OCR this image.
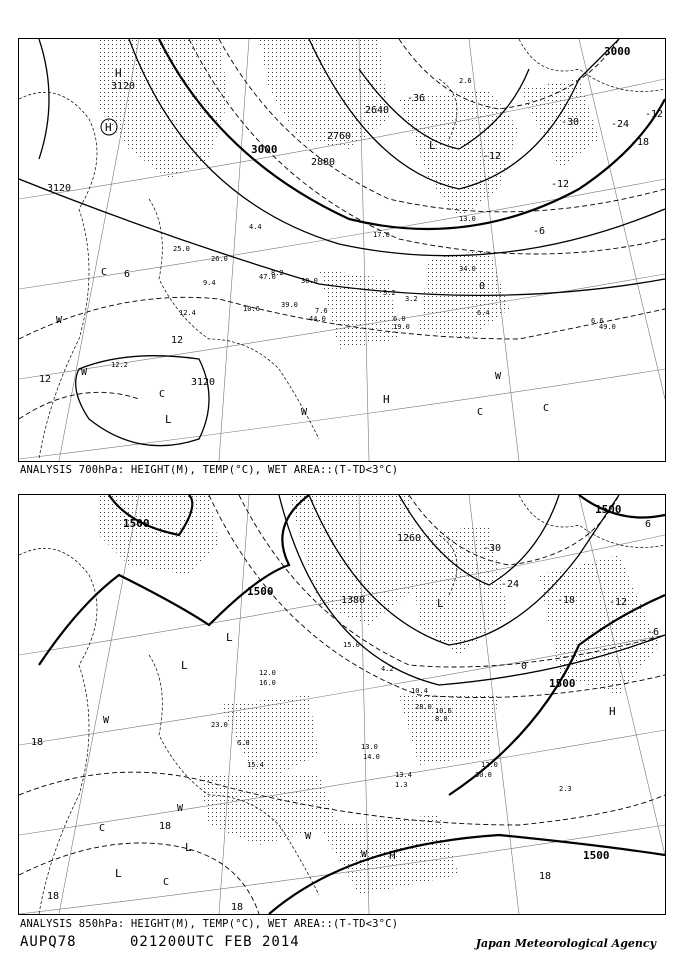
3000
3000
2640
2760
2880
3120
3120
3120
-36
-30	-24
-18
-12
-12
-6
0
6
12
12
-12
H
H
L
L
H
C
C
C	C
W
W	W
W
2.6
13.0
34.0
47.0
49.0
30.0
17.0
19.0
25.0
44.0
26.0
39.0
6.4
6.6
6.0
3.2
5.2
7.6
9.4
4.4
12.2
12.4	10.6
8.2
ANALYSIS 700hPa: HEIGHT(M), TEMP(°C), WET AREA::(T-TD<3°C)
1500
1500
1500
1500
1500
1260
1380
-30
-24
-18	-12
-6
0
6
18
18
18
18
18
L
L
L
L
L
H
H
C
C
W
W
W
W
28.0
15.0
30.0
16.0
23.0
14.0
13.0
6.0
8.0
12.0
15.4
13.4
1.3
10.6
12.0
4.2
2.3
10.4
ANALYSIS 850hPa: HEIGHT(M), TEMP(°C), WET AREA::(T-TD<3°C)
AUPQ78	021200UTC FEB 2014	Japan Meteorological Agency
